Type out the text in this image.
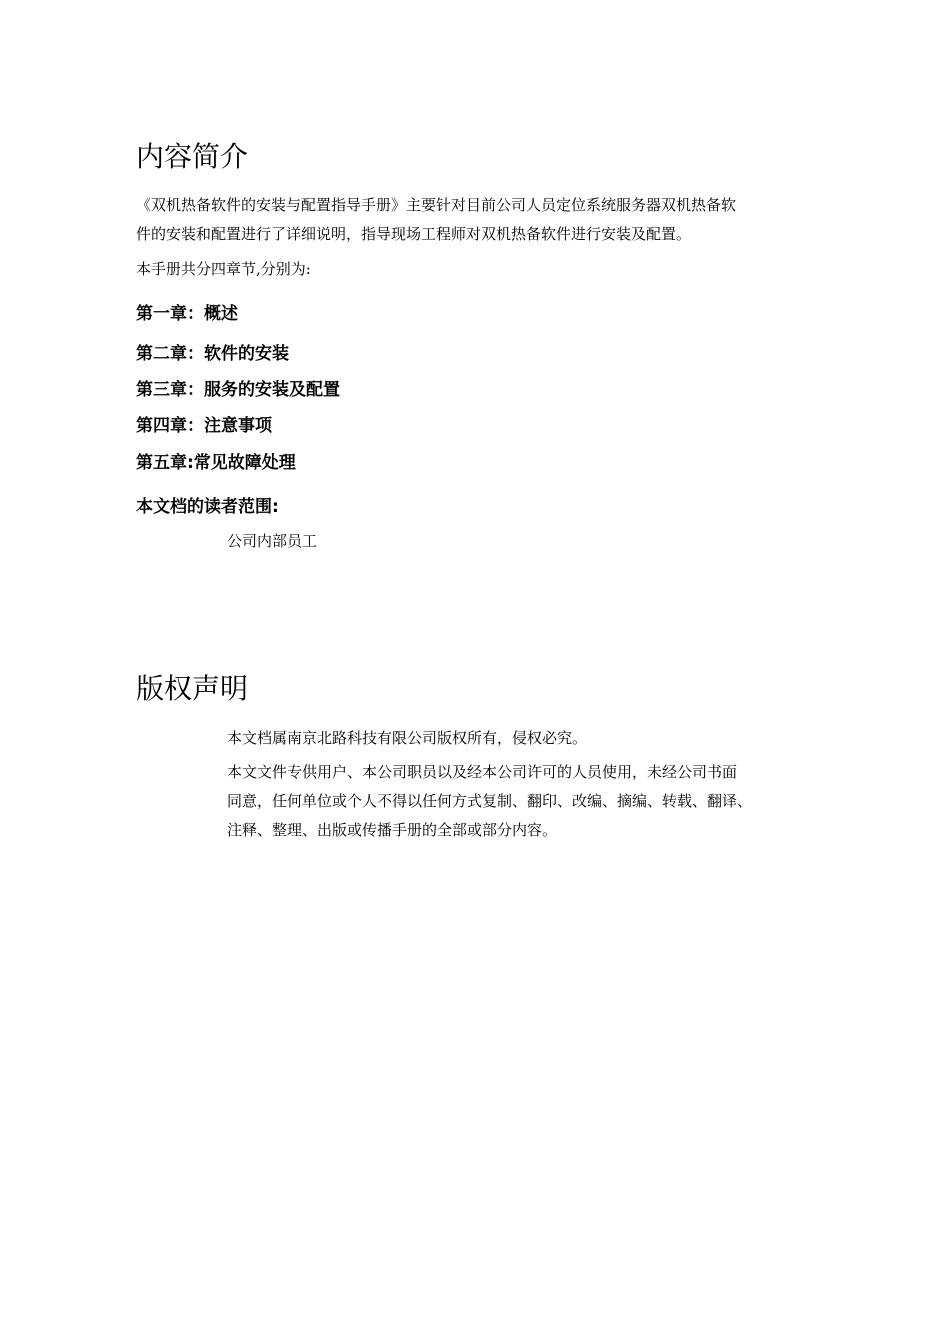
内容简介

《双机热备软件的安装与配置指导手册》主要针对目前公司人员定位系统服务器双机热备软
件的安装和配置进行了详细说明，指导现场工程师对双机热备软件进行安装及配置。

本手册共分四章节,分别为:

第一章：概述

第二章：软件的安装

第三章：服务的安装及配置

第四章：注意事项

第五章:常见故障处理

本文档的读者范围:

公司内部员工

版权声明

本文档属南京北路科技有限公司版权所有，侵权必究。

本文文件专供用户、本公司职员以及经本公司许可的人员使用，未经公司书面
同意，任何单位或个人不得以任何方式复制、翻印、改编、摘编、转载、翻译、
注释、整理、出版或传播手册的全部或部分内容。
